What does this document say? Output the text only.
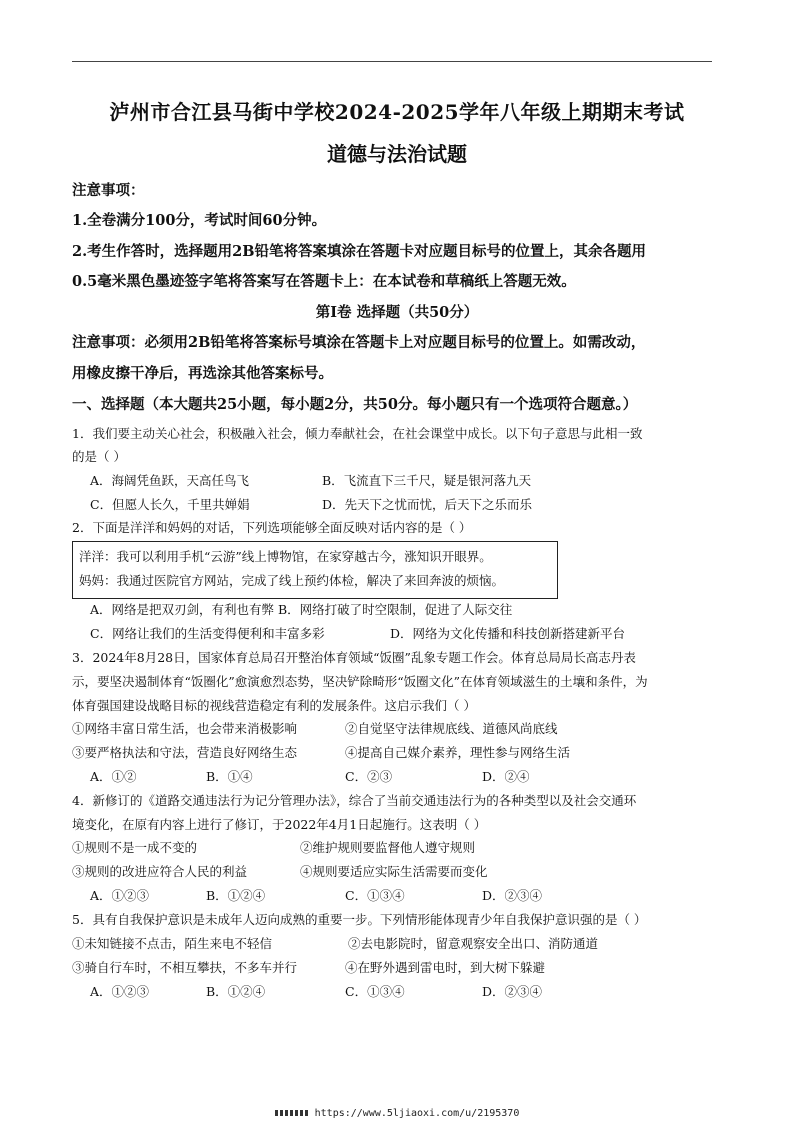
泸州市合江县马街中学校2024-2025学年八年级上期期末考试
道德与法治试题
注意事项：
1.全卷满分100分，考试时间60分钟。
2.考生作答时，选择题用2B铅笔将答案填涂在答题卡对应题目标号的位置上，其余各题用
0.5毫米黑色墨迹签字笔将答案写在答题卡上：在本试卷和草稿纸上答题无效。
第Ⅰ卷 选择题（共50分）
注意事项：必须用2B铅笔将答案标号填涂在答题卡上对应题目标号的位置上。如需改动，
用橡皮擦干净后，再选涂其他答案标号。
一、选择题（本大题共25小题，每小题2分，共50分。每小题只有一个选项符合题意。）
1．我们要主动关心社会，积极融入社会，倾力奉献社会，在社会课堂中成长。以下句子意思与此相一致
的是（ ）
A．海阔凭鱼跃，天高任鸟飞	B．飞流直下三千尺，疑是银河落九天
C．但愿人长久，千里共婵娟	D．先天下之忧而忧，后天下之乐而乐
2．下面是洋洋和妈妈的对话，下列选项能够全面反映对话内容的是（ ）
洋洋：我可以利用手机“云游”线上博物馆，在家穿越古今，涨知识开眼界。
妈妈：我通过医院官方网站，完成了线上预约体检，解决了来回奔波的烦恼。
A．网络是把双刃剑，有利也有弊 B．网络打破了时空限制，促进了人际交往
C．网络让我们的生活变得便利和丰富多彩	D．网络为文化传播和科技创新搭建新平台
3．2024年8月28日，国家体育总局召开整治体育领域“饭圈”乱象专题工作会。体育总局局长高志丹表
示，要坚决遏制体育“饭圈化”愈演愈烈态势，坚决铲除畸形“饭圈文化”在体育领域滋生的土壤和条件，为
体育强国建设战略目标的视线营造稳定有利的发展条件。这启示我们（ ）
①网络丰富日常生活，也会带来消极影响	②自觉坚守法律规底线、道德风尚底线
③要严格执法和守法，营造良好网络生态	④提高自己媒介素养，理性参与网络生活
A．①②	B．①④	C．②③	D．②④
4．新修订的《道路交通违法行为记分管理办法》，综合了当前交通违法行为的各种类型以及社会交通环
境变化，在原有内容上进行了修订，于2022年4月1日起施行。这表明（ ）
①规则不是一成不变的	②维护规则要监督他人遵守规则
③规则的改进应符合人民的利益	④规则要适应实际生活需要而变化
A．①②③	B．①②④	C．①③④	D．②③④
5．具有自我保护意识是未成年人迈向成熟的重要一步。下列情形能体现青少年自我保护意识强的是（ ）
①未知链接不点击，陌生来电不轻信	②去电影院时，留意观察安全出口、消防通道
③骑自行车时，不相互攀扶，不多车并行	④在野外遇到雷电时，到大树下躲避
A．①②③	B．①②④	C．①③④	D．②③④
https://www.5ljiaoxi.com/u/2195370
